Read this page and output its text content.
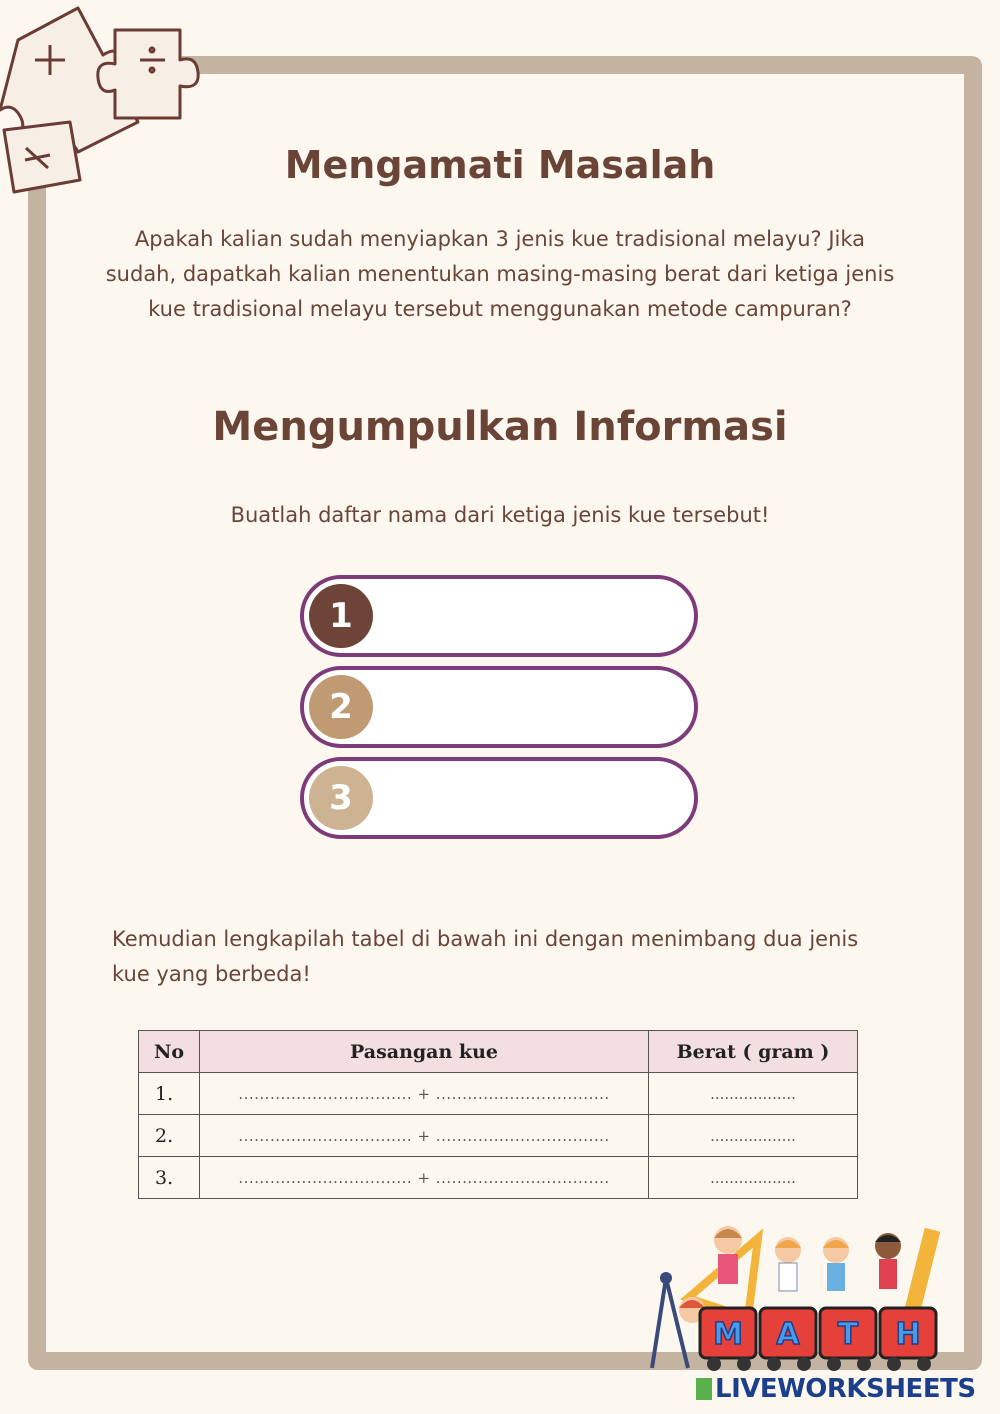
Mengamati Masalah

Apakah kalian sudah menyiapkan 3 jenis kue tradisional melayu? Jika sudah, dapatkah kalian menentukan masing-masing berat dari ketiga jenis kue tradisional melayu tersebut menggunakan metode campuran?

Mengumpulkan Informasi

Buatlah daftar nama dari ketiga jenis kue tersebut!

1
2
3

Kemudian lengkapilah tabel di bawah ini dengan menimbang dua jenis kue yang berbeda!

No	Pasangan kue	Berat ( gram )
1.	................................. + .................................	..................
2.	................................. + .................................	..................
3.	................................. + .................................	..................
M A T H
LIVEWORKSHEETS
